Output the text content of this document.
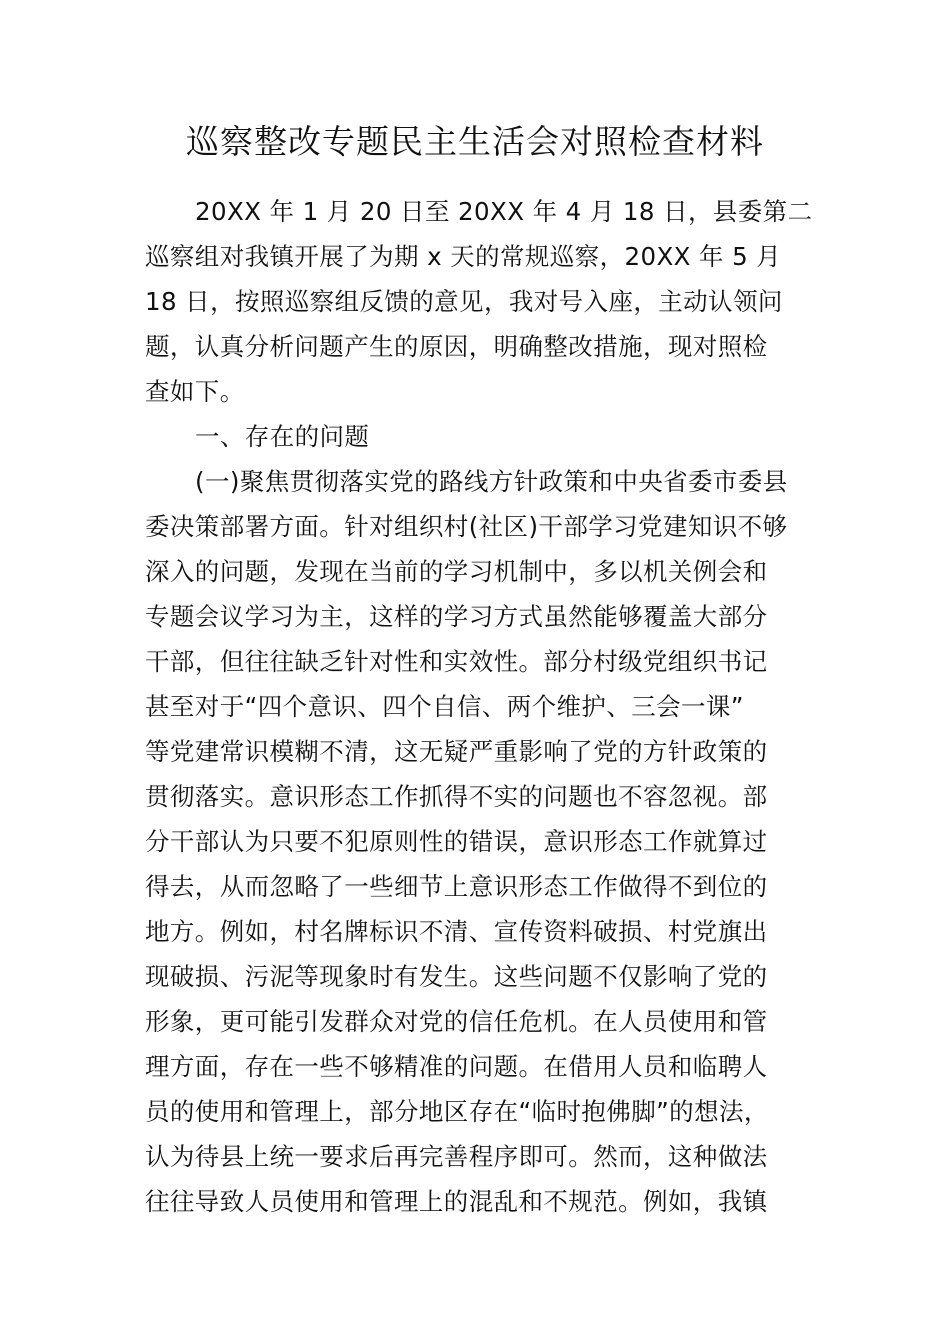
巡察整改专题民主生活会对照检查材料
20XX 年 1 月 20 日至 20XX 年 4 月 18 日，县委第二
巡察组对我镇开展了为期 x 天的常规巡察，20XX 年 5 月
18 日，按照巡察组反馈的意见，我对号入座，主动认领问
题，认真分析问题产生的原因，明确整改措施，现对照检
查如下。
一、存在的问题
(一)聚焦贯彻落实党的路线方针政策和中央省委市委县
委决策部署方面。针对组织村(社区)干部学习党建知识不够
深入的问题，发现在当前的学习机制中，多以机关例会和
专题会议学习为主，这样的学习方式虽然能够覆盖大部分
干部，但往往缺乏针对性和实效性。部分村级党组织书记
甚至对于“四个意识、四个自信、两个维护、三会一课”
等党建常识模糊不清，这无疑严重影响了党的方针政策的
贯彻落实。意识形态工作抓得不实的问题也不容忽视。部
分干部认为只要不犯原则性的错误，意识形态工作就算过
得去，从而忽略了一些细节上意识形态工作做得不到位的
地方。例如，村名牌标识不清、宣传资料破损、村党旗出
现破损、污泥等现象时有发生。这些问题不仅影响了党的
形象，更可能引发群众对党的信任危机。在人员使用和管
理方面，存在一些不够精准的问题。在借用人员和临聘人
员的使用和管理上，部分地区存在“临时抱佛脚”的想法，
认为待县上统一要求后再完善程序即可。然而，这种做法
往往导致人员使用和管理上的混乱和不规范。例如，我镇
